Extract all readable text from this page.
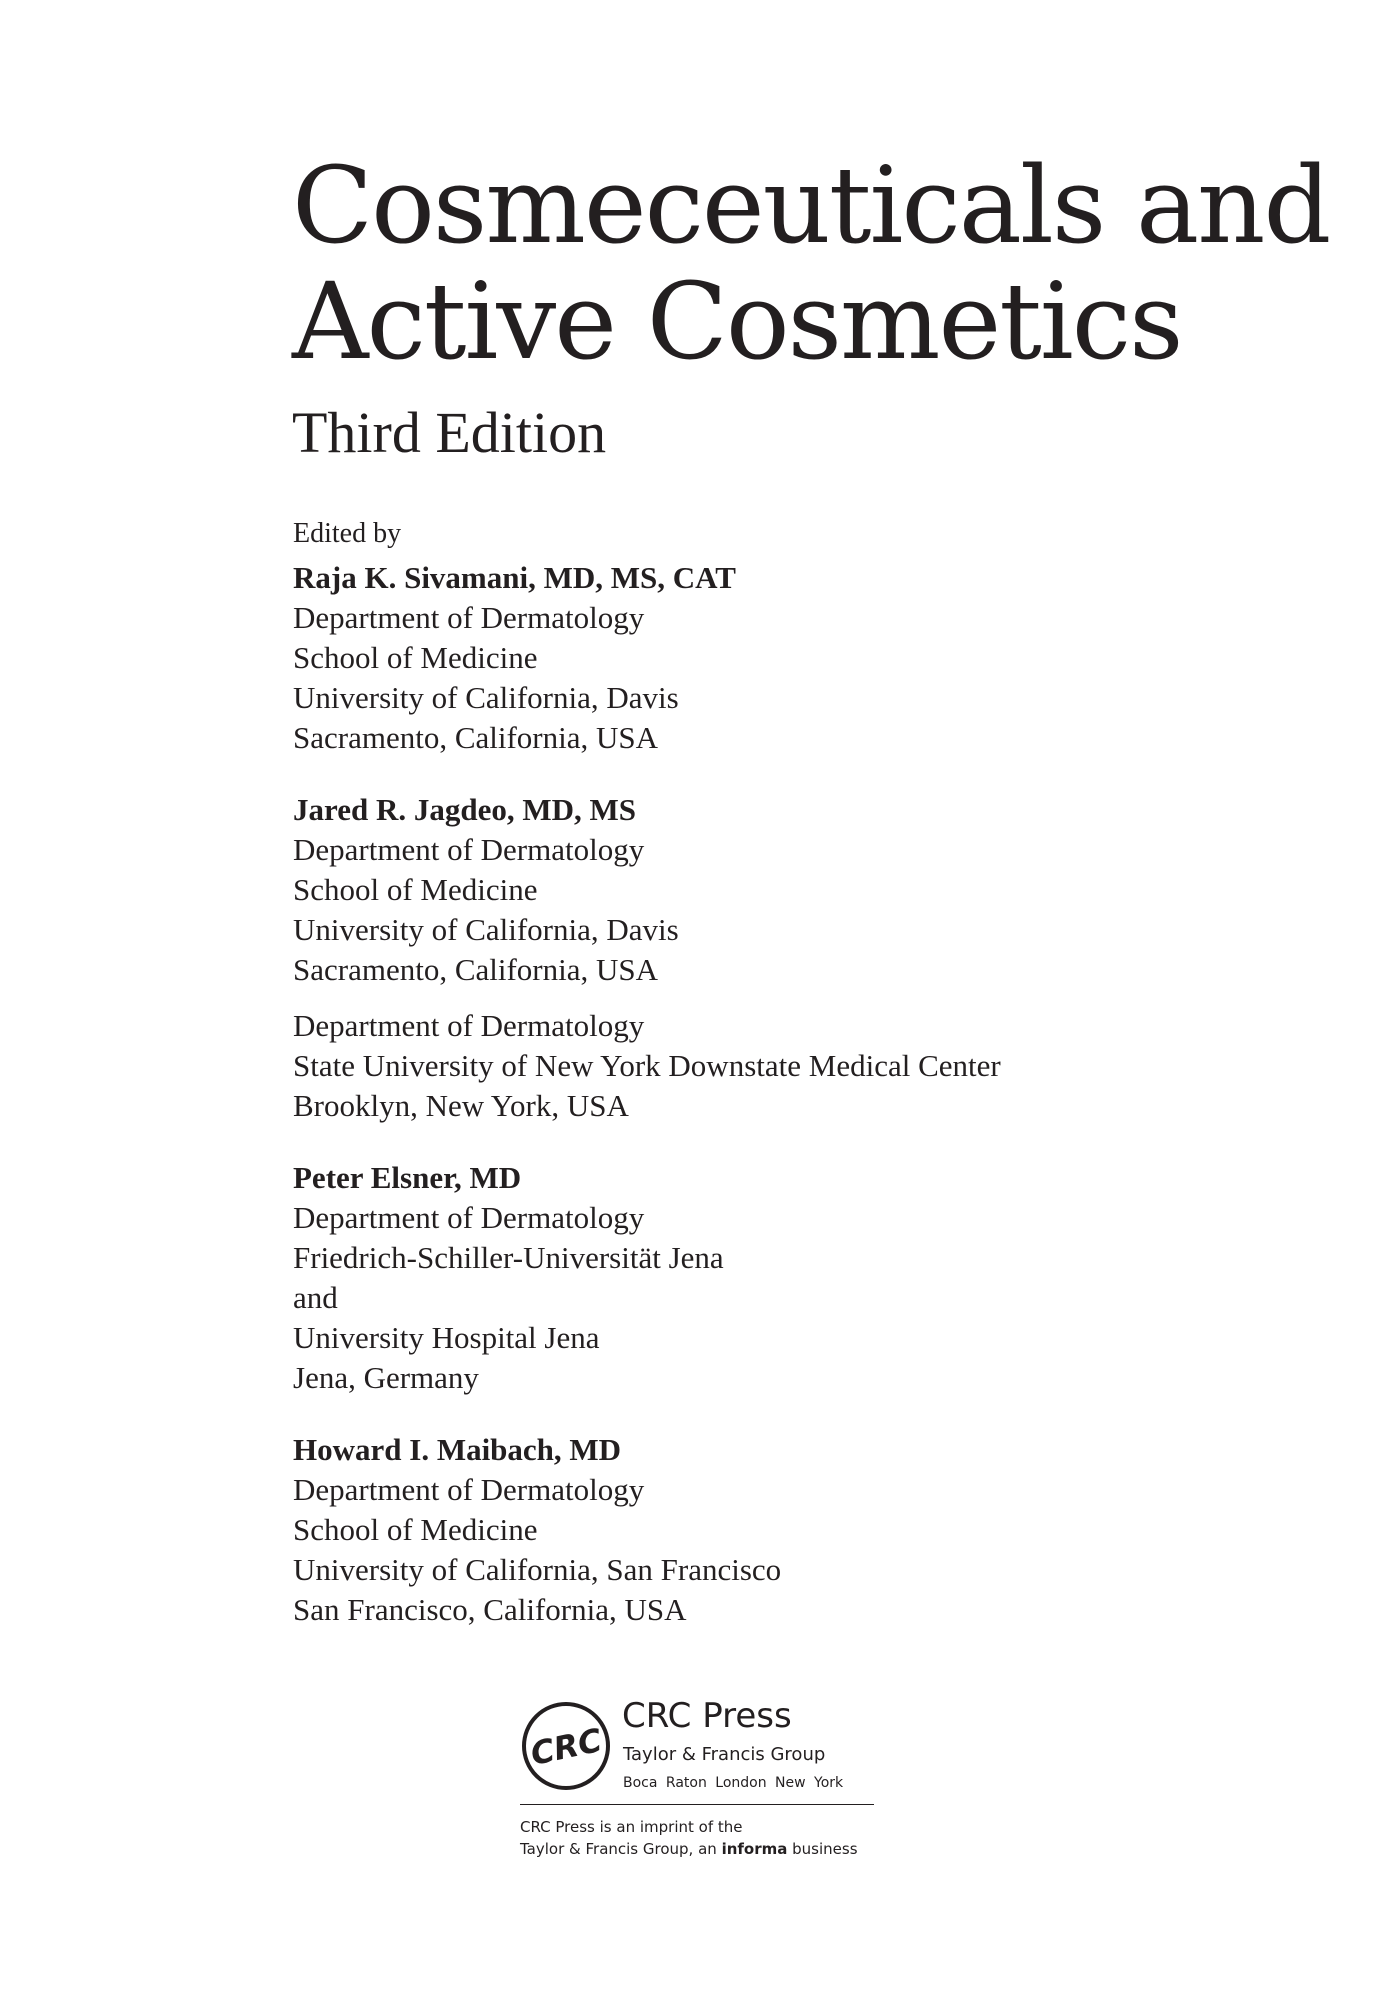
Cosmeceuticals and
Active Cosmetics
Third Edition
Edited by
Raja K. Sivamani, MD, MS, CAT
Department of Dermatology
School of Medicine
University of California, Davis
Sacramento, California, USA
Jared R. Jagdeo, MD, MS
Department of Dermatology
School of Medicine
University of California, Davis
Sacramento, California, USA
Department of Dermatology
State University of New York Downstate Medical Center
Brooklyn, New York, USA
Peter Elsner, MD
Department of Dermatology
Friedrich-Schiller-Universität Jena
and
University Hospital Jena
Jena, Germany
Howard I. Maibach, MD
Department of Dermatology
School of Medicine
University of California, San Francisco
San Francisco, California, USA
CRC
CRC Press
Taylor & Francis Group
Boca Raton London New York
CRC Press is an imprint of the
Taylor & Francis Group, an informa business
